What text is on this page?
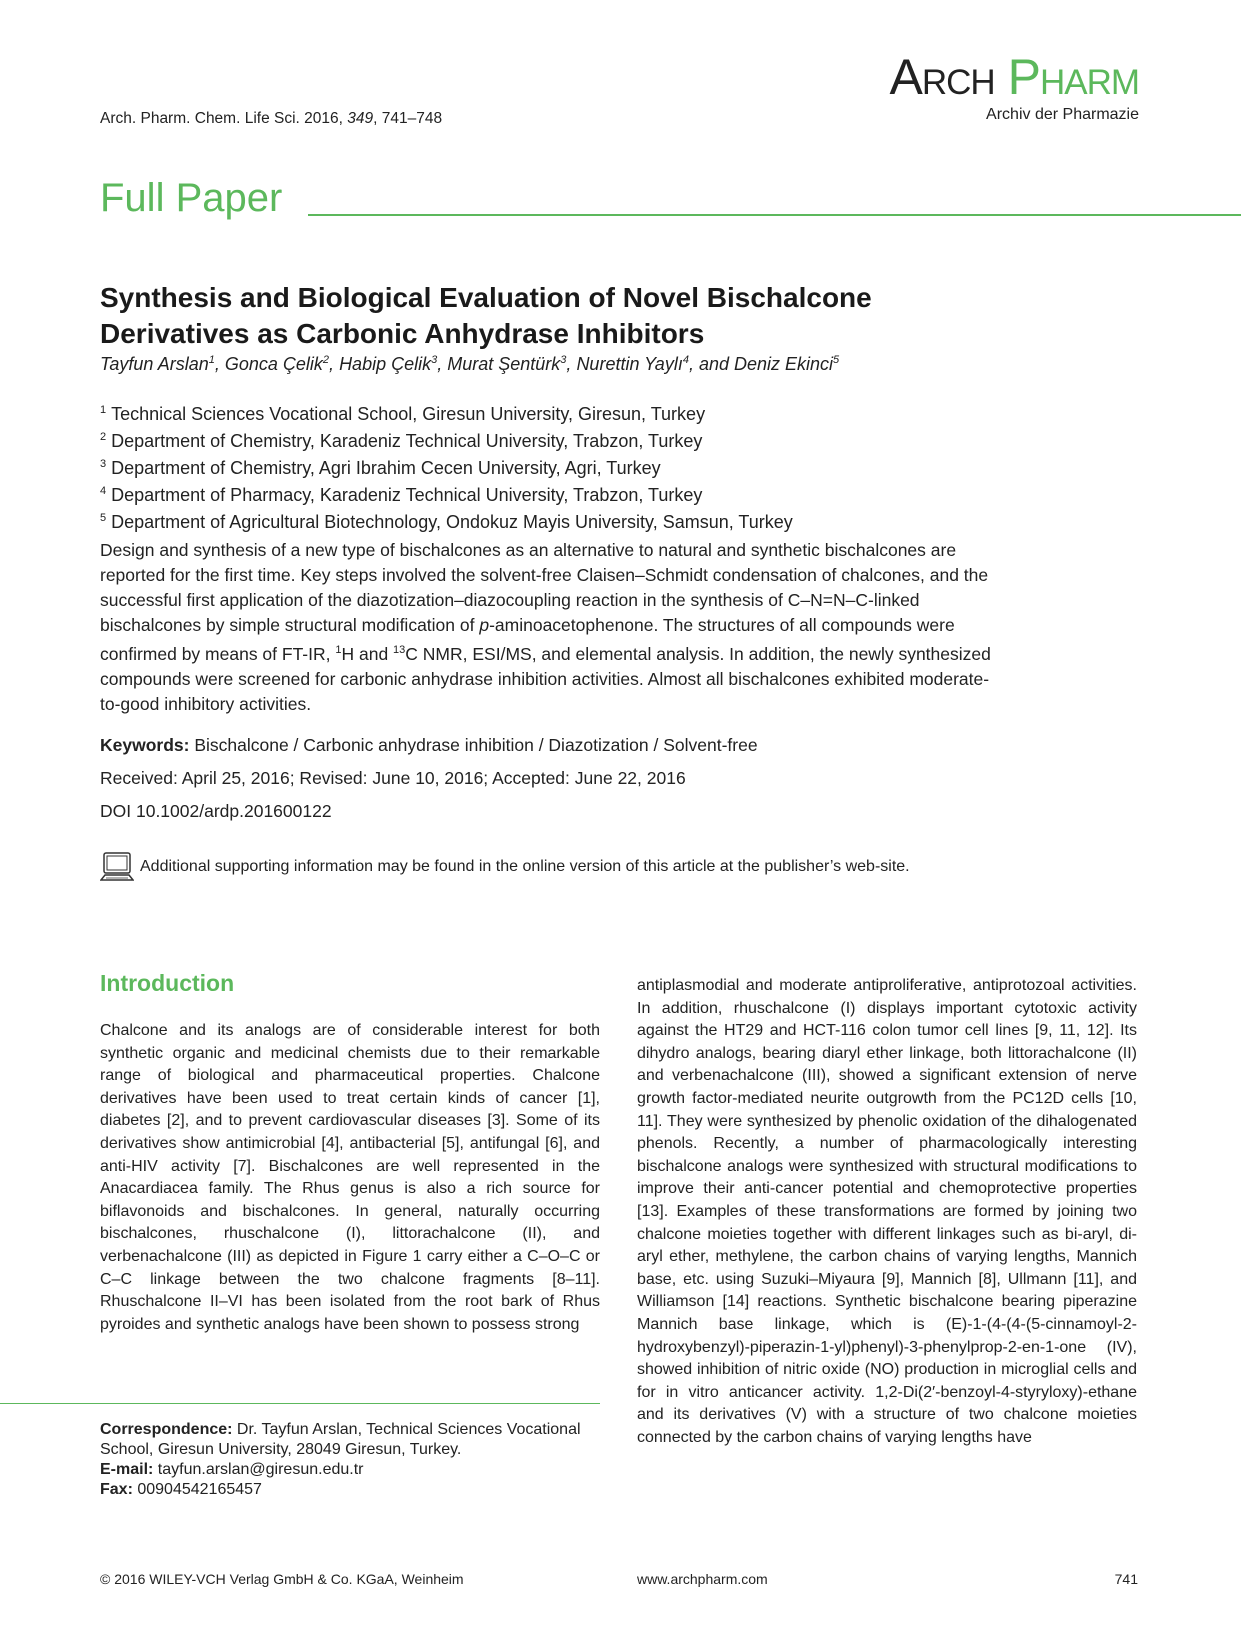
Arch. Pharm. Chem. Life Sci. 2016, 349, 741–748
Arch Pharm
Archiv der Pharmazie
Full Paper
Synthesis and Biological Evaluation of Novel Bischalcone
Derivatives as Carbonic Anhydrase Inhibitors
Tayfun Arslan$^1$, Gonca Çelik$^2$, Habip Çelik$^3$, Murat Şentürk$^3$, Nurettin Yaylı$^4$, and Deniz Ekinci$^5$
$^1$ Technical Sciences Vocational School, Giresun University, Giresun, Turkey
$^2$ Department of Chemistry, Karadeniz Technical University, Trabzon, Turkey
$^3$ Department of Chemistry, Agri Ibrahim Cecen University, Agri, Turkey
$^4$ Department of Pharmacy, Karadeniz Technical University, Trabzon, Turkey
$^5$ Department of Agricultural Biotechnology, Ondokuz Mayis University, Samsun, Turkey
Design and synthesis of a new type of bischalcones as an alternative to natural and synthetic bischalcones are reported for the first time. Key steps involved the solvent-free Claisen–Schmidt condensation of chalcones, and the successful first application of the diazotization–diazocoupling reaction in the synthesis of C–N=N–C-linked bischalcones by simple structural modification of p-aminoacetophenone. The structures of all compounds were confirmed by means of FT-IR, $^1$H and $^{13}$C NMR, ESI/MS, and elemental analysis. In addition, the newly synthesized compounds were screened for carbonic anhydrase inhibition activities. Almost all bischalcones exhibited moderate-to-good inhibitory activities.
Keywords: Bischalcone / Carbonic anhydrase inhibition / Diazotization / Solvent-free
Received: April 25, 2016; Revised: June 10, 2016; Accepted: June 22, 2016
DOI 10.1002/ardp.201600122
Additional supporting information may be found in the online version of this article at the publisher’s web-site.
Introduction
Chalcone and its analogs are of considerable interest for both synthetic organic and medicinal chemists due to their remarkable range of biological and pharmaceutical properties. Chalcone derivatives have been used to treat certain kinds of cancer [1], diabetes [2], and to prevent cardiovascular diseases [3]. Some of its derivatives show antimicrobial [4], antibacterial [5], antifungal [6], and anti-HIV activity [7]. Bischalcones are well represented in the Anacardiacea family. The Rhus genus is also a rich source for biflavonoids and bischalcones. In general, naturally occurring bischalcones, rhuschalcone (I), littorachalcone (II), and verbenachalcone (III) as depicted in Figure 1 carry either a C–O–C or C–C linkage between the two chalcone fragments [8–11]. Rhuschalcone II–VI has been isolated from the root bark of Rhus pyroides and synthetic analogs have been shown to possess strong
antiplasmodial and moderate antiproliferative, antiprotozoal activities. In addition, rhuschalcone (I) displays important cytotoxic activity against the HT29 and HCT-116 colon tumor cell lines [9, 11, 12]. Its dihydro analogs, bearing diaryl ether linkage, both littorachalcone (II) and verbenachalcone (III), showed a significant extension of nerve growth factor-mediated neurite outgrowth from the PC12D cells [10, 11]. They were synthesized by phenolic oxidation of the dihalogenated phenols. Recently, a number of pharmacologically interesting bischalcone analogs were synthesized with structural modifications to improve their anti-cancer potential and chemoprotective properties [13]. Examples of these transformations are formed by joining two chalcone moieties together with different linkages such as bi-aryl, di-aryl ether, methylene, the carbon chains of varying lengths, Mannich base, etc. using Suzuki–Miyaura [9], Mannich [8], Ullmann [11], and Williamson [14] reactions. Synthetic bischalcone bearing piperazine Mannich base linkage, which is (E)-1-(4-(4-(5-cinnamoyl-2-hydroxybenzyl)-piperazin-1-yl)phenyl)-3-phenylprop-2-en-1-one (IV), showed inhibition of nitric oxide (NO) production in microglial cells and for in vitro anticancer activity. 1,2-Di(2′-benzoyl-4-styryloxy)-ethane and its derivatives (V) with a structure of two chalcone moieties connected by the carbon chains of varying lengths have
Correspondence: Dr. Tayfun Arslan, Technical Sciences Vocational School, Giresun University, 28049 Giresun, Turkey.
E-mail: tayfun.arslan@giresun.edu.tr
Fax: 00904542165457
© 2016 WILEY-VCH Verlag GmbH & Co. KGaA, Weinheim	www.archpharm.com	741
